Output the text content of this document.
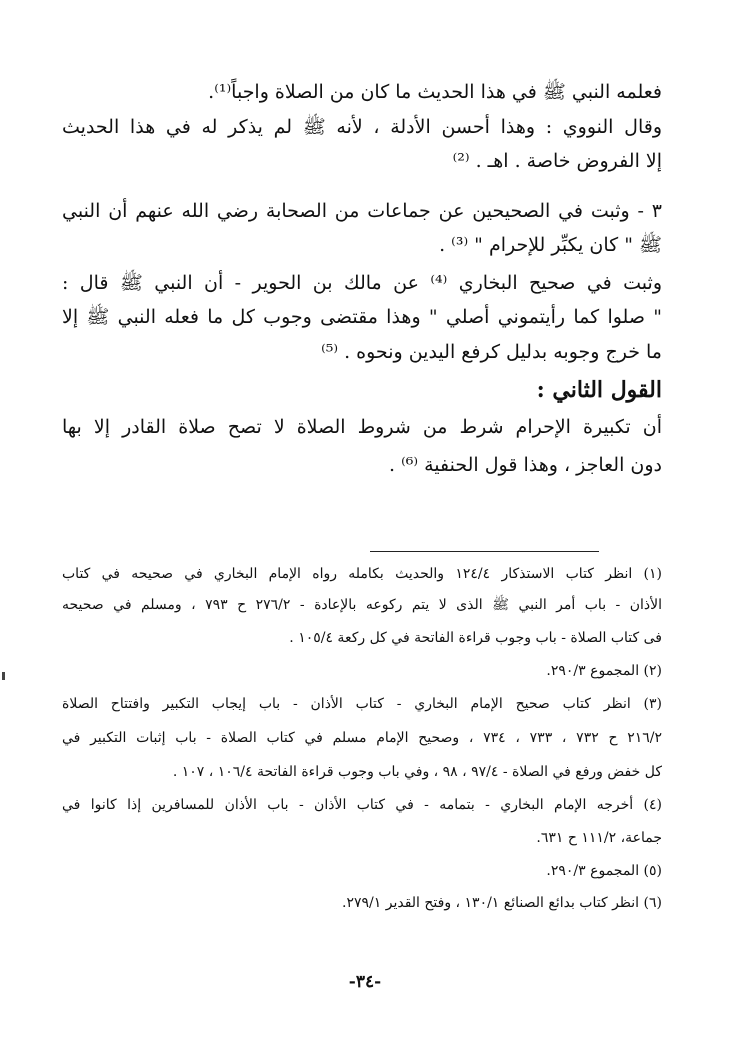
فعلمه النبي ﷺ في هذا الحديث ما كان من الصلاة واجباً⁽¹⁾.
وقال النووي : وهذا أحسن الأدلة ، لأنه ﷺ لم يذكر له في هذا الحديث
إلا الفروض خاصة . اهـ . ⁽²⁾
٣ - وثبت في الصحيحين عن جماعات من الصحابة رضي الله عنهم أن النبي
ﷺ " كان يكبِّر للإحرام " ⁽³⁾ .
وثبت في صحيح البخاري ⁽⁴⁾ عن مالك بن الحوير - أن النبي ﷺ قال :
" صلوا كما رأيتموني أصلي " وهذا مقتضى وجوب كل ما فعله النبي ﷺ إلا
ما خرج وجوبه بدليل كرفع اليدين ونحوه . ⁽⁵⁾
القول الثاني :
أن تكبيرة الإحرام شرط من شروط الصلاة لا تصح صلاة القادر إلا بها
دون العاجز ، وهذا قول الحنفية ⁽⁶⁾ .
(١) انظر كتاب الاستذكار ١٢٤/٤ والحديث بكامله رواه الإمام البخاري في صحيحه في كتاب
الأذان - باب أمر النبي ﷺ الذى لا يتم ركوعه بالإعادة - ٢٧٦/٢ ح ٧٩٣ ، ومسلم في صحيحه
فى كتاب الصلاة - باب وجوب قراءة الفاتحة في كل ركعة ١٠٥/٤ .
(٢) المجموع ٢٩٠/٣.
(٣) انظر كتاب صحيح الإمام البخاري - كتاب الأذان - باب إيجاب التكبير وافتتاح الصلاة
٢١٦/٢ ح ٧٣٢ ، ٧٣٣ ، ٧٣٤ ، وصحيح الإمام مسلم في كتاب الصلاة - باب إثبات التكبير في
كل خفض ورفع في الصلاة - ٩٧/٤ ، ٩٨ ، وفي باب وجوب قراءة الفاتحة ١٠٦/٤ ، ١٠٧ .
(٤) أخرجه الإمام البخاري - بتمامه - في كتاب الأذان - باب الأذان للمسافرين إذا كانوا في
جماعة، ١١١/٢ ح ٦٣١.
(٥) المجموع ٢٩٠/٣.
(٦) انظر كتاب بدائع الصنائع ١٣٠/١ ، وفتح القدير ٢٧٩/١.
-٣٤-
